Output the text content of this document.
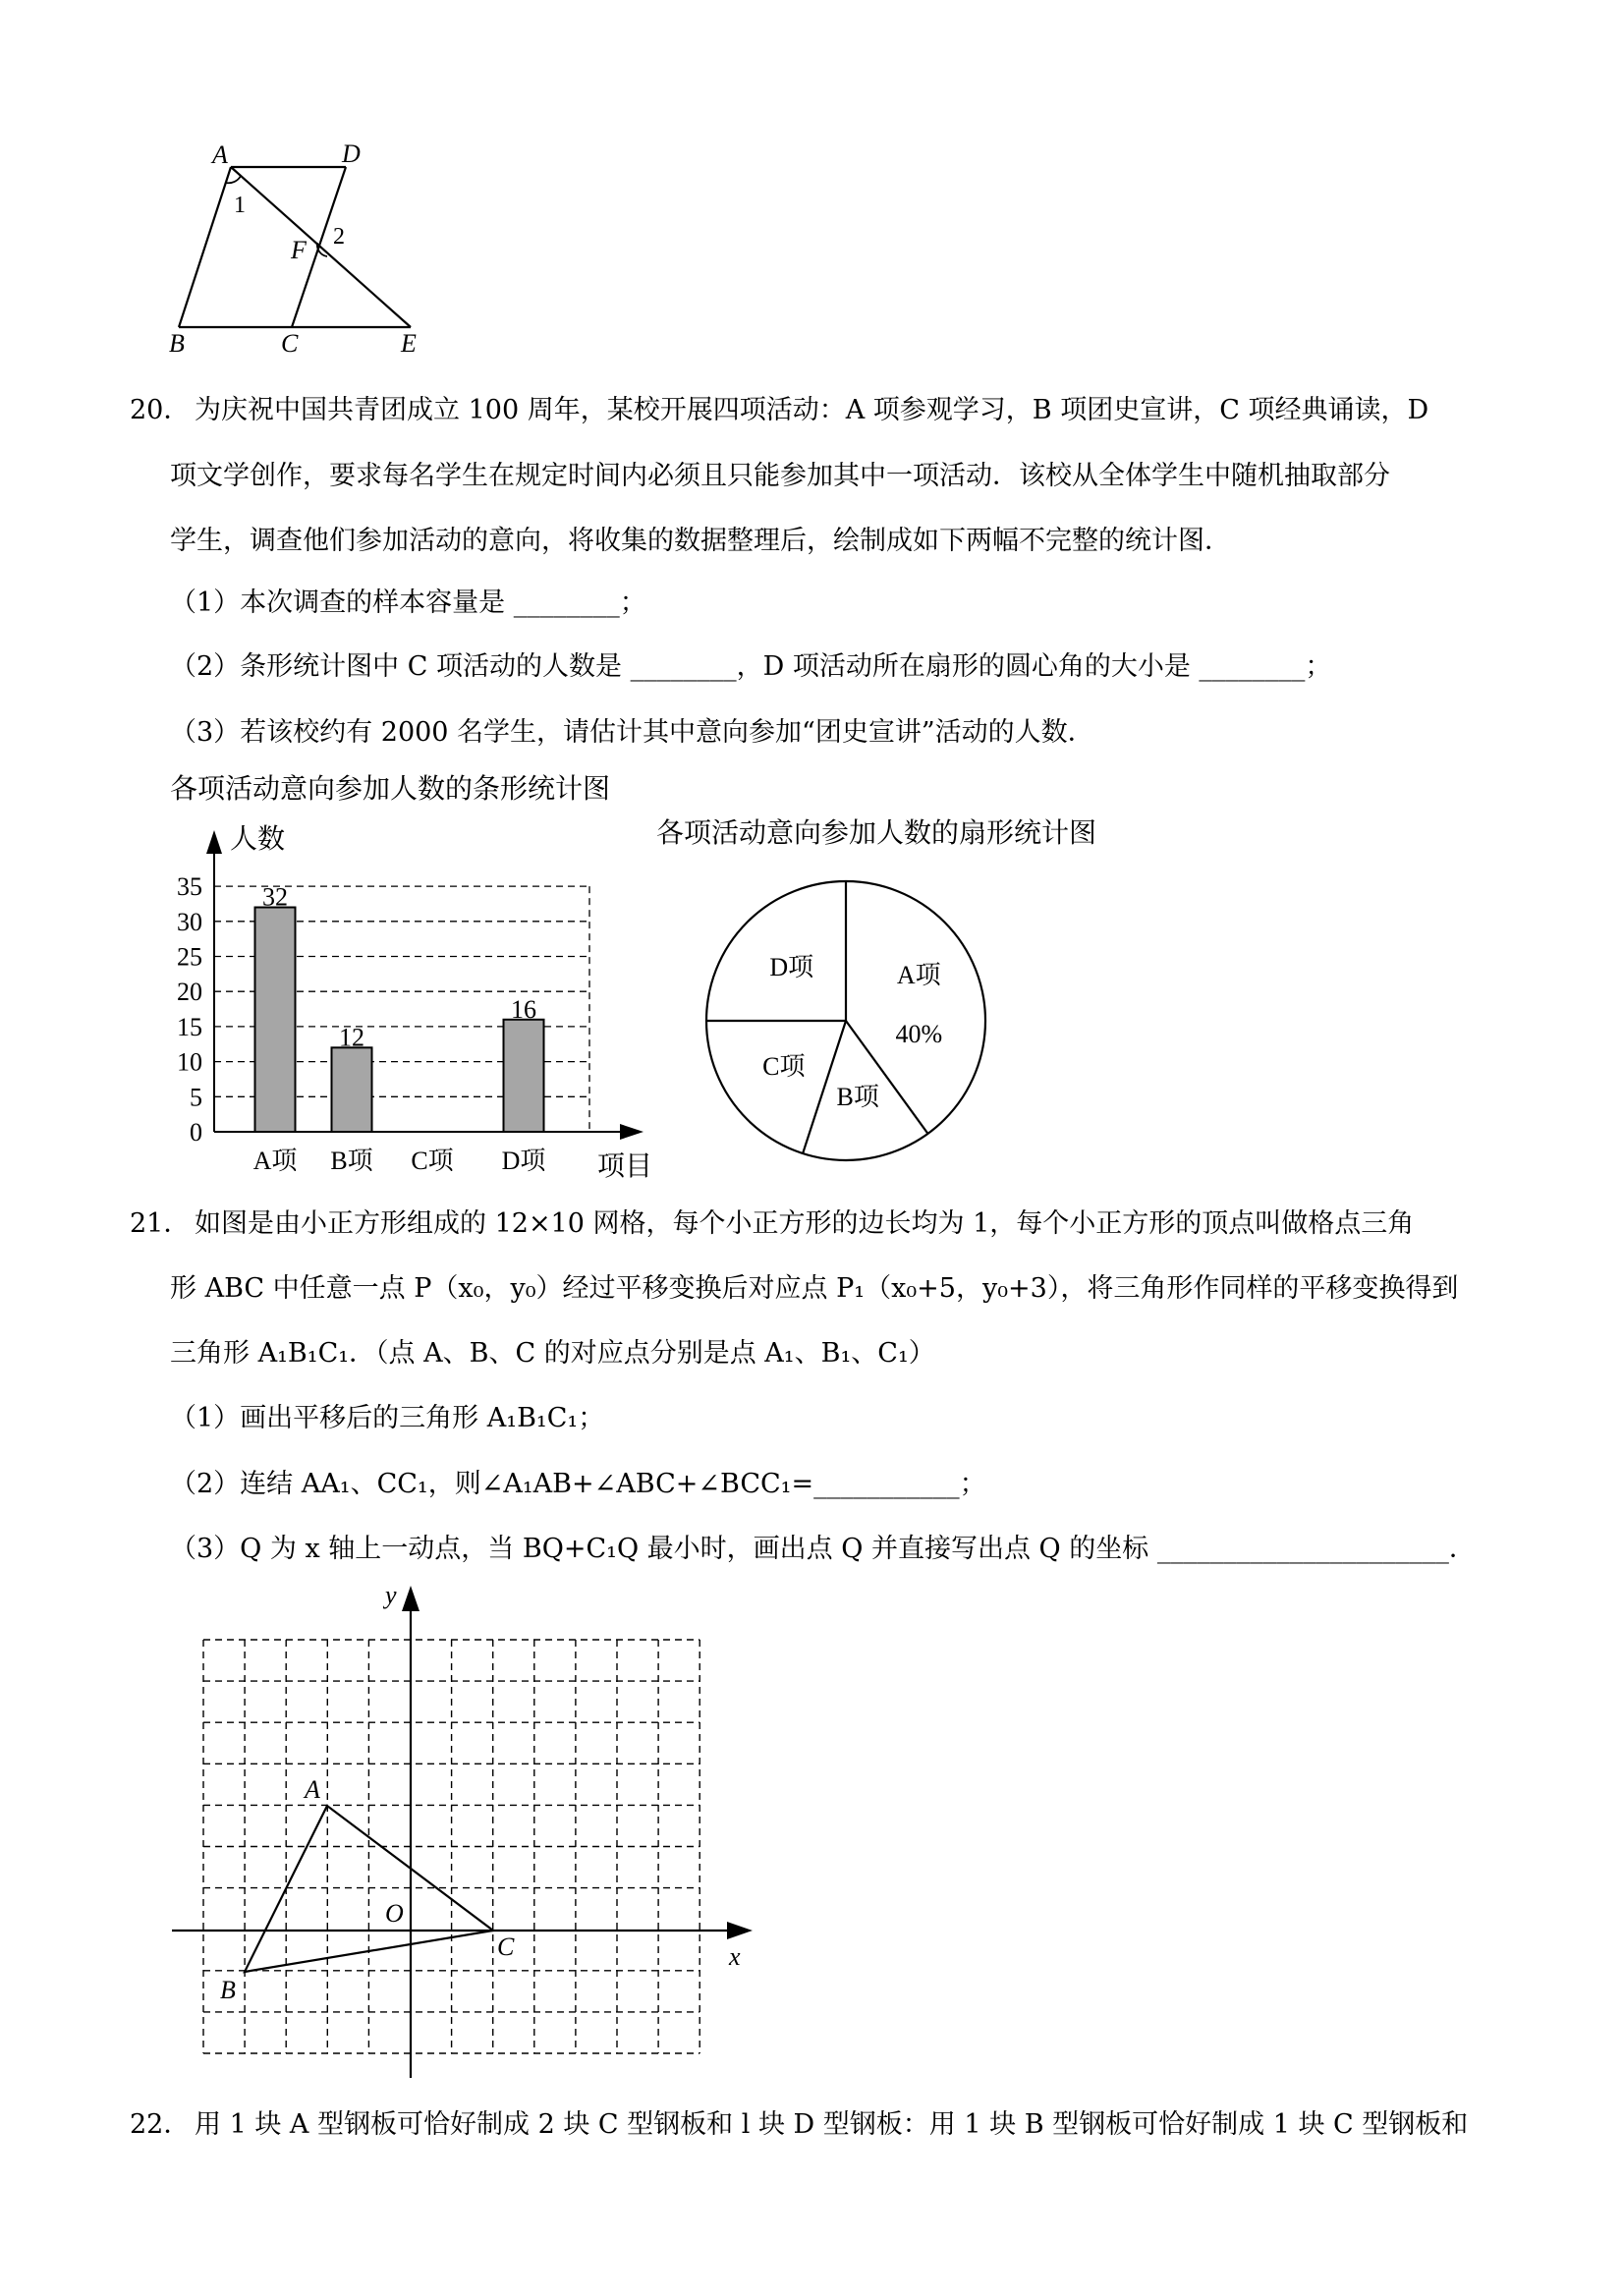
A	D
B	C	E
F
1
2
20． 为庆祝中国共青团成立 100 周年，某校开展四项活动：A 项参观学习，B 项团史宣讲，C 项经典诵读，D
项文学创作，要求每名学生在规定时间内必须且只能参加其中一项活动．该校从全体学生中随机抽取部分
学生，调查他们参加活动的意向，将收集的数据整理后，绘制成如下两幅不完整的统计图．
（1）本次调查的样本容量是 ________；
（2）条形统计图中 C 项活动的人数是 ________，D 项活动所在扇形的圆心角的大小是 ________；
（3）若该校约有 2000 名学生，请估计其中意向参加“团史宣讲”活动的人数．
各项活动意向参加人数的条形统计图
0
5
10
15
20
25
30
35
人数
项目
32
A项
12
B项 C项
16
D项
各项活动意向参加人数的扇形统计图
A项
40%
B项
C项
D项
21． 如图是由小正方形组成的 12×10 网格，每个小正方形的边长均为 1，每个小正方形的顶点叫做格点三角
形 ABC 中任意一点 P（x₀，y₀）经过平移变换后对应点 P₁（x₀+5，y₀+3），将三角形作同样的平移变换得到
三角形 A₁B₁C₁．（点 A、B、C 的对应点分别是点 A₁、B₁、C₁）
（1）画出平移后的三角形 A₁B₁C₁；
（2）连结 AA₁、CC₁，则∠A₁AB+∠ABC+∠BCC₁=___________；
（3）Q 为 x 轴上一动点，当 BQ+C₁Q 最小时，画出点 Q 并直接写出点 Q 的坐标 ______________________．
y
x
O
A
B
C
22． 用 1 块 A 型钢板可恰好制成 2 块 C 型钢板和 l 块 D 型钢板：用 1 块 B 型钢板可恰好制成 1 块 C 型钢板和
